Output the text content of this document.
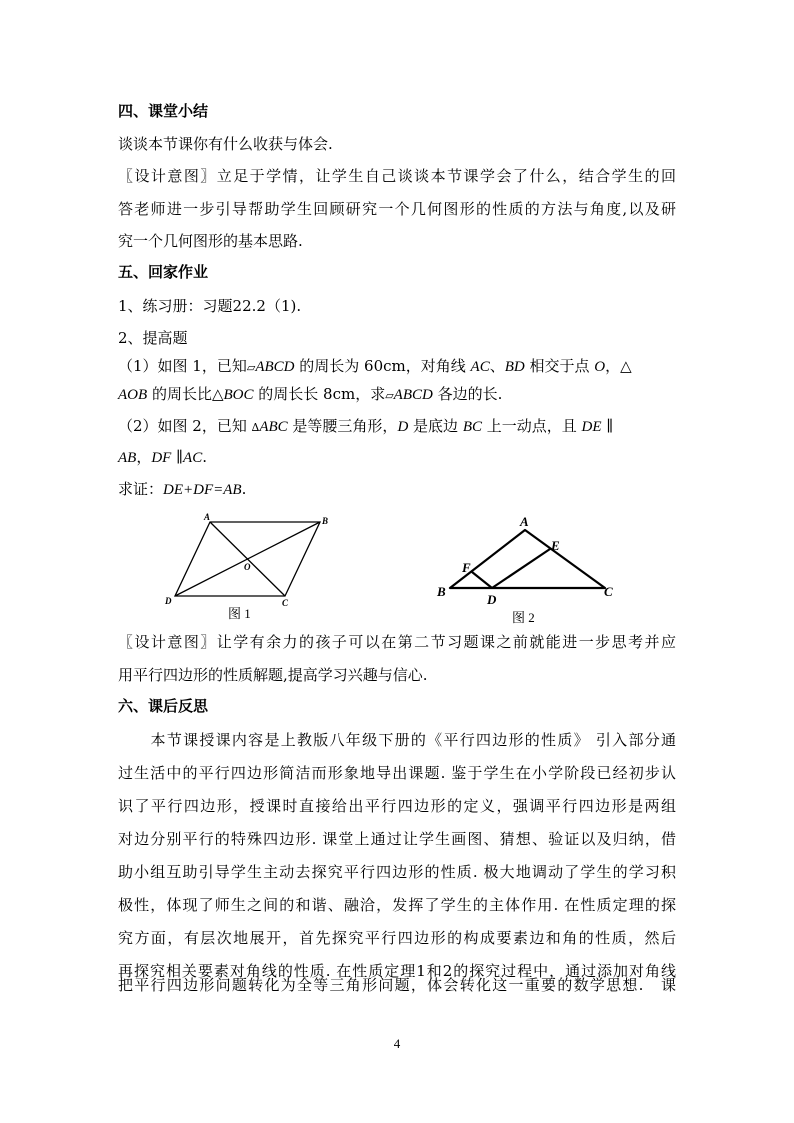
四、课堂小结
谈谈本节课你有什么收获与体会.
〖设计意图〗立足于学情，让学生自己谈谈本节课学会了什么，结合学生的回
答老师进一步引导帮助学生回顾研究一个几何图形的性质的方法与角度,以及研
究一个几何图形的基本思路.
五、回家作业
1、练习册：习题22.2（1).
2、提高题
（1）如图 1，已知▱ABCD 的周长为 60cm，对角线 AC、BD 相交于点 O，△
AOB 的周长比△BOC 的周长长 8cm，求▱ABCD 各边的长.
（2）如图 2，已知 ∆ABC 是等腰三角形，D 是底边 BC 上一动点，且 DE ∥
AB，DF ∥AC.
求证：DE+DF=AB.
A	B
C
D
O
图 1
A
B	C
D
E
F
图 2
〖设计意图〗让学有余力的孩子可以在第二节习题课之前就能进一步思考并应
用平行四边形的性质解题,提高学习兴趣与信心.
六、课后反思
　　本节课授课内容是上教版八年级下册的《平行四边形的性质》 引入部分通
过生活中的平行四边形简洁而形象地导出课题. 鉴于学生在小学阶段已经初步认
识了平行四边形，授课时直接给出平行四边形的定义，强调平行四边形是两组
对边分别平行的特殊四边形. 课堂上通过让学生画图、猜想、验证以及归纳，借
助小组互助引导学生主动去探究平行四边形的性质. 极大地调动了学生的学习积
极性，体现了师生之间的和谐、融洽，发挥了学生的主体作用. 在性质定理的探
究方面，有层次地展开，首先探究平行四边形的构成要素边和角的性质，然后
再探究相关要素对角线的性质. 在性质定理1和2的探究过程中，通过添加对角线
把平行四边形问题转化为全等三角形问题，体会转化这一重要的数学思想.　课
4
